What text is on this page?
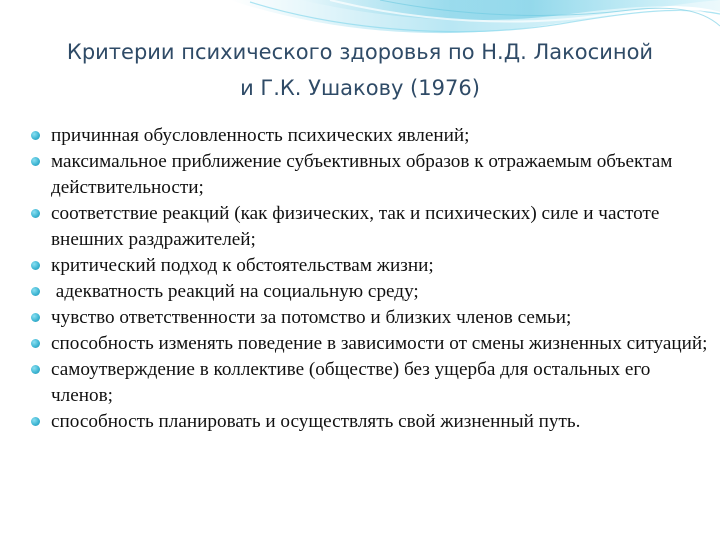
Критерии психического здоровья по Н.Д. Лакосиной
и Г.К. Ушакову (1976)
причинная обусловленность психических явлений;
максимальное приближение субъективных образов к отражаемым объектам действительности;
соответствие реакций (как физических, так и психических) силе и частоте внешних раздражителей;
критический подход к обстоятельствам жизни;
адекватность реакций на социальную среду;
чувство ответственности за потомство и близких членов семьи;
способность изменять поведение в зависимости от смены жизненных ситуаций;
самоутверждение в коллективе (обществе) без ущерба для остальных его членов;
способность планировать и осуществлять свой жизненный путь.
